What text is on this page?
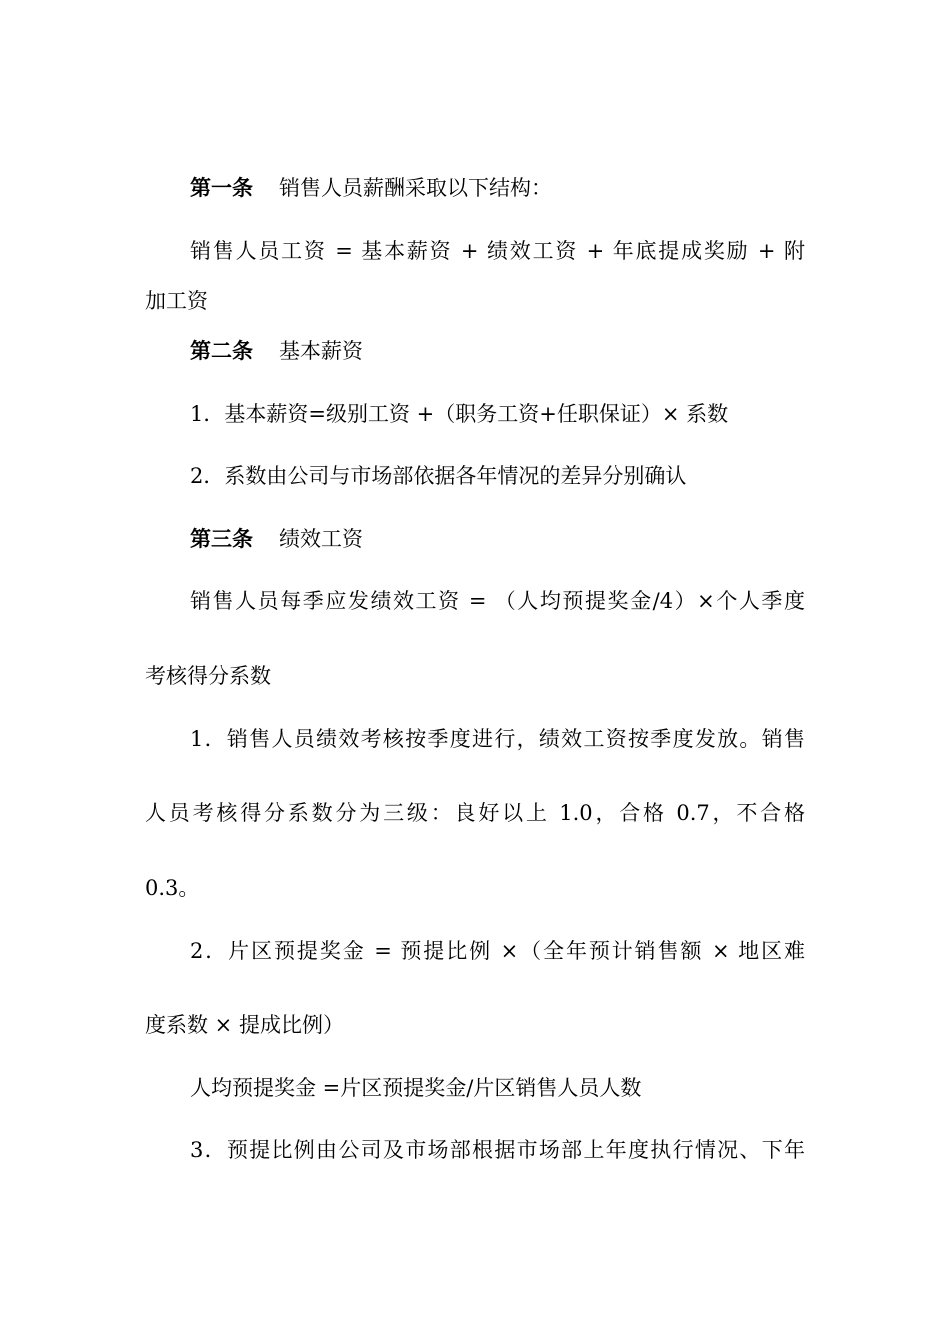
第一条 销售人员薪酬采取以下结构：
销售人员工资 = 基本薪资 + 绩效工资 + 年底提成奖励 + 附
加工资
第二条 基本薪资
1．基本薪资=级别工资 +（职务工资+任职保证）× 系数
2．系数由公司与市场部依据各年情况的差异分别确认
第三条 绩效工资
销售人员每季应发绩效工资 = （人均预提奖金/4）×个人季度
考核得分系数
1．销售人员绩效考核按季度进行，绩效工资按季度发放。销售
人员考核得分系数分为三级：良好以上 1.0，合格 0.7，不合格
0.3。
2．片区预提奖金 = 预提比例 ×（全年预计销售额 × 地区难
度系数 × 提成比例）
人均预提奖金 =片区预提奖金/片区销售人员人数
3．预提比例由公司及市场部根据市场部上年度执行情况、下年
